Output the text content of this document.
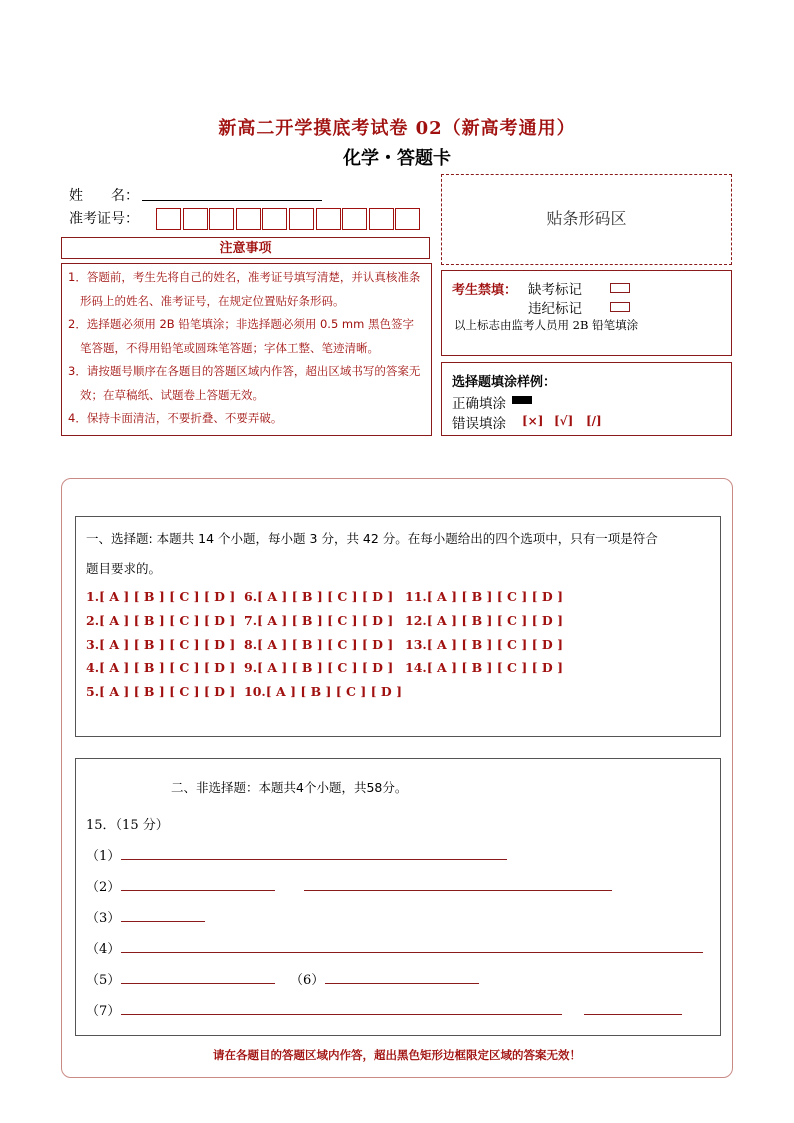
新高二开学摸底考试卷 02（新高考通用）
化学・答题卡
姓　　名：
准考证号：	贴条形码区
注意事项

1．答题前，考生先将自己的姓名，准考证号填写清楚，并认真核准条形码上的姓名、准考证号，在规定位置贴好条形码。

2．选择题必须用 2B 铅笔填涂；非选择题必须用 0.5 mm 黑色签字笔答题，不得用铅笔或圆珠笔答题；字体工整、笔迹清晰。

3．请按题号顺序在各题目的答题区域内作答，超出区域书写的答案无效；在草稿纸、试题卷上答题无效。

4．保持卡面清洁，不要折叠、不要弄破。

考生禁填： 缺考标记
违纪标记
以上标志由监考人员用 2B 铅笔填涂
选择题填涂样例：
正确填涂
错误填涂 [×] [√] [/]
一、选择题: 本题共 14 个小题，每小题 3 分，共 42 分。在每小题给出的四个选项中，只有一项是符合
题目要求的。
1.[ A ] [ B ] [ C ] [ D ]
2.[ A ] [ B ] [ C ] [ D ]
3.[ A ] [ B ] [ C ] [ D ]
4.[ A ] [ B ] [ C ] [ D ]
5.[ A ] [ B ] [ C ] [ D ]
6.[ A ] [ B ] [ C ] [ D ]
7.[ A ] [ B ] [ C ] [ D ]
8.[ A ] [ B ] [ C ] [ D ]
9.[ A ] [ B ] [ C ] [ D ]
10.[ A ] [ B ] [ C ] [ D ]
11.[ A ] [ B ] [ C ] [ D ]
12.[ A ] [ B ] [ C ] [ D ]
13.[ A ] [ B ] [ C ] [ D ]
14.[ A ] [ B ] [ C ] [ D ]
二、非选择题：本题共4个小题，共58分。
15．（15 分）
（1）
（2）
（3）
（4）
（5）	（6）
（7）
请在各题目的答题区域内作答，超出黑色矩形边框限定区域的答案无效！
